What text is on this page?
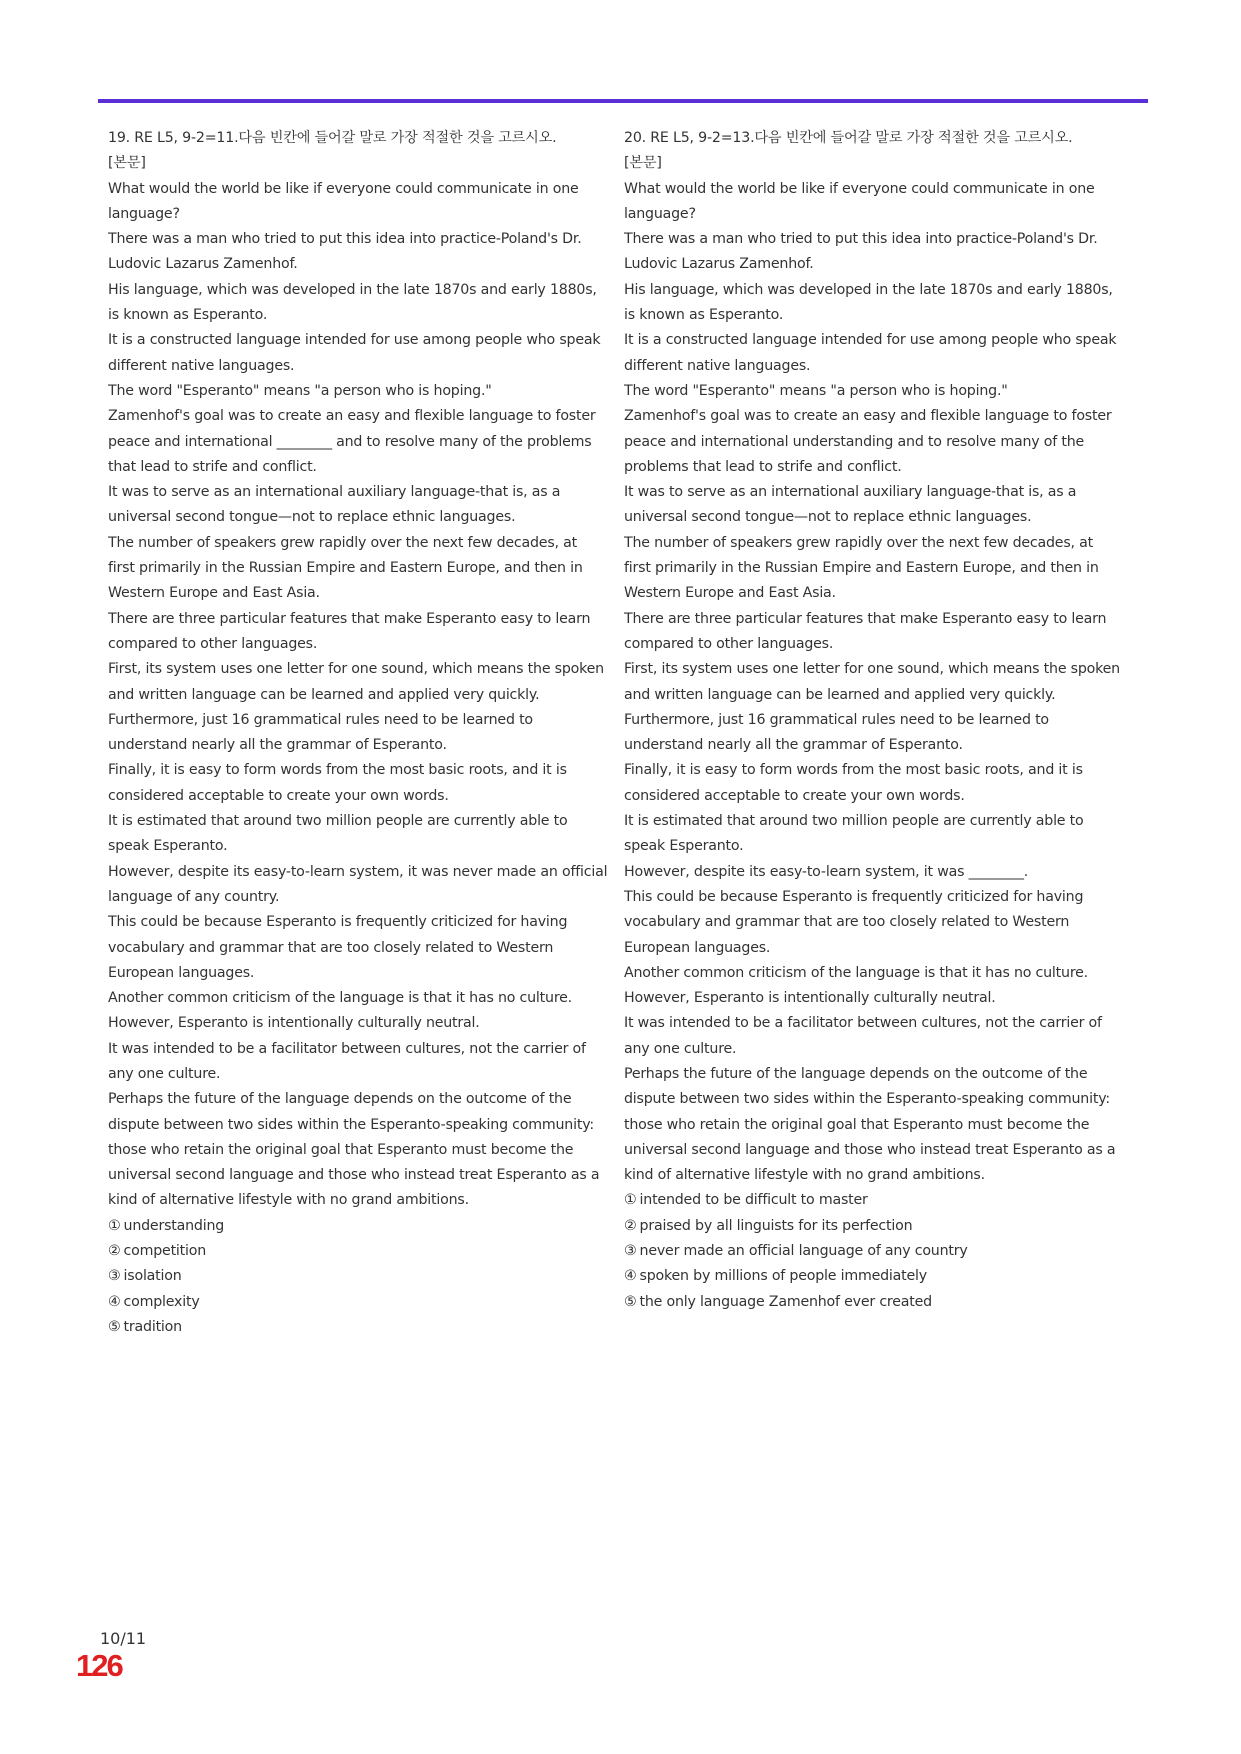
19. RE L5, 9-2=11.다음 빈칸에 들어갈 말로 가장 적절한 것을 고르시오.

[본문]

What would the world be like if everyone could communicate in one language?

There was a man who tried to put this idea into practice-Poland's Dr. Ludovic Lazarus Zamenhof.

His language, which was developed in the late 1870s and early 1880s, is known as Esperanto.

It is a constructed language intended for use among people who speak different native languages.

The word "Esperanto" means "a person who is hoping."

Zamenhof's goal was to create an easy and flexible language to foster peace and international ________ and to resolve many of the problems that lead to strife and conflict.

It was to serve as an international auxiliary language-that is, as a universal second tongue—not to replace ethnic languages.

The number of speakers grew rapidly over the next few decades, at first primarily in the Russian Empire and Eastern Europe, and then in Western Europe and East Asia.

There are three particular features that make Esperanto easy to learn compared to other languages.

First, its system uses one letter for one sound, which means the spoken and written language can be learned and applied very quickly.

Furthermore, just 16 grammatical rules need to be learned to understand nearly all the grammar of Esperanto.

Finally, it is easy to form words from the most basic roots, and it is considered acceptable to create your own words.

It is estimated that around two million people are currently able to speak Esperanto.

However, despite its easy-to-learn system, it was never made an official language of any country.

This could be because Esperanto is frequently criticized for having vocabulary and grammar that are too closely related to Western European languages.

Another common criticism of the language is that it has no culture.

However, Esperanto is intentionally culturally neutral.

It was intended to be a facilitator between cultures, not the carrier of any one culture.

Perhaps the future of the language depends on the outcome of the dispute between two sides within the Esperanto-speaking community: those who retain the original goal that Esperanto must become the universal second language and those who instead treat Esperanto as a kind of alternative lifestyle with no grand ambitions.

① understanding
② competition
③ isolation
④ complexity
⑤ tradition

20. RE L5, 9-2=13.다음 빈칸에 들어갈 말로 가장 적절한 것을 고르시오.

[본문]

What would the world be like if everyone could communicate in one language?

There was a man who tried to put this idea into practice-Poland's Dr. Ludovic Lazarus Zamenhof.

His language, which was developed in the late 1870s and early 1880s, is known as Esperanto.

It is a constructed language intended for use among people who speak different native languages.

The word "Esperanto" means "a person who is hoping."

Zamenhof's goal was to create an easy and flexible language to foster peace and international understanding and to resolve many of the problems that lead to strife and conflict.

It was to serve as an international auxiliary language-that is, as a universal second tongue—not to replace ethnic languages.

The number of speakers grew rapidly over the next few decades, at first primarily in the Russian Empire and Eastern Europe, and then in Western Europe and East Asia.

There are three particular features that make Esperanto easy to learn compared to other languages.

First, its system uses one letter for one sound, which means the spoken and written language can be learned and applied very quickly.

Furthermore, just 16 grammatical rules need to be learned to understand nearly all the grammar of Esperanto.

Finally, it is easy to form words from the most basic roots, and it is considered acceptable to create your own words.

It is estimated that around two million people are currently able to speak Esperanto.

However, despite its easy-to-learn system, it was ________.

This could be because Esperanto is frequently criticized for having vocabulary and grammar that are too closely related to Western European languages.

Another common criticism of the language is that it has no culture.

However, Esperanto is intentionally culturally neutral.

It was intended to be a facilitator between cultures, not the carrier of any one culture.

Perhaps the future of the language depends on the outcome of the dispute between two sides within the Esperanto-speaking community: those who retain the original goal that Esperanto must become the universal second language and those who instead treat Esperanto as a kind of alternative lifestyle with no grand ambitions.

① intended to be difficult to master
② praised by all linguists for its perfection
③ never made an official language of any country
④ spoken by millions of people immediately
⑤ the only language Zamenhof ever created
10/11
126
